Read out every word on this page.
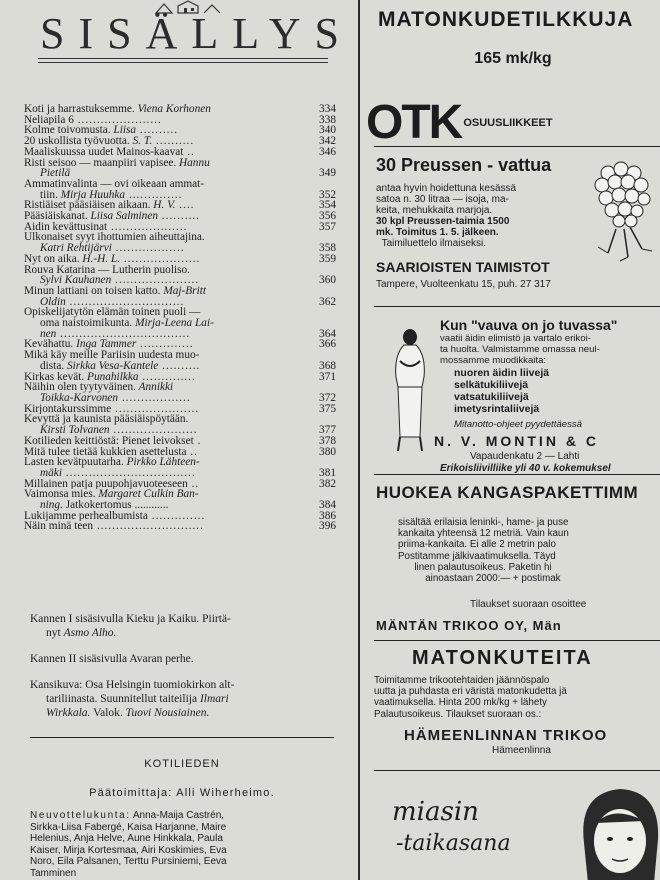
SISÄLLYS
Koti ja harrastuksemme. Viena Korhonen	334
Neliapila 6 ......................	338
Kolme toivomusta. Liisa ..........	340
20 uskollista työvuotta. S. T. ..........	342
Maaliskuussa uudet Mainos-kaavat ..	346
Risti seisoo — maanpiiri vapisee. Hannu
Pietilä	349
Ammatinvalinta — ovi oikeaan ammat-
tiin. Mirja Huuhka ..............	352
Ristiäiset pääsiäisen aikaan. H. V. ....	354
Pääsiäiskanat. Liisa Salminen ..........	356
Äidin kevättusinat ....................	357
Ulkonaiset syyt ihottumien aiheuttajina.
Katri Rehtijärvi ..................	358
Nyt on aika. H.-H. L. ....................	359
Rouva Katarina — Lutherin puoliso.
Sylvi Kauhanen ......................	360
Minun lattiani on toisen katto. Maj-Britt
Oldin ..............................	362
Opiskelijatytön elämän toinen puoli —
oma naistoimikunta. Mirja-Leena Lai-
nen ..................................	364
Kevähattu. Inga Tammer ..............	366
Mikä käy meille Pariisin uudesta muo-
dista. Sirkka Vesa-Kantele ..........	368
Kirkas kevät. Punahilkka ..............	371
Näihin olen tyytyväinen. Annikki
Toikka-Karvonen ..................	372
Kirjontakurssimme ......................	375
Kevyttä ja kaunista pääsiäispöytään.
Kirsti Tolvanen ......................	377
Kotilieden keittiöstä: Pienet leivokset .	378
Mitä tulee tietää kukkien asettelusta ..	380
Lasten kevätpuutarha. Pirkko Lähteen-
mäki ..................................	381
Millainen patja puupohjavuoteeseen ..	382
Vaimonsa mies. Margaret Culkin Ban-
ning. Jatkokertomus ............	384
Lukijamme perhealbumista ..............	386
Näin minä teen ............................	396

Kannen I sisäsivulla Kieku ja Kaiku. Piirtä-
nyt Asmo Alho.

Kannen II sisäsivulla Avaran perhe.

Kansikuva: Osa Helsingin tuomiokirkon alt-
tariliinasta. Suunnitellut taiteilija Ilmari
Wirkkala. Valok. Tuovi Nousiainen.

KOTILIEDEN
Päätoimittaja: Alli Wiherheimo.
Neuvottelukunta: Anna-Maija Castrén,
Sirkka-Liisa Fabergé, Kaisa Harjanne, Maire
Helenius, Anja Helve, Aune Hinkkala, Paula
Kaiser, Mirja Kortesmaa, Airi Koskimies, Eva
Noro, Eila Palsanen, Terttu Pursiniemi, Eeva
Tamminen
MATONKUDETILKKUJA
165 mk/kg
OTK $^{OSUUSLIIKKEET}$
30 Preussen - vattua
antaa hyvin hoidettuna kesässä
satoa n. 30 litraa — isoja, ma-
keita, mehukkaita marjoja.
30 kpl Preussen-taimia 1500
mk. Toimitus 1. 5. jälkeen.
Taimiluettelo ilmaiseksi.
SAARIOISTEN TAIMISTOT
Tampere, Vuolteenkatu 15, puh. 27 317
Kun "vauva on jo tuvassa"
vaatii äidin elimistö ja vartalo erikoi-
ta huolta. Valmistamme omassa neul-
mossamme muodikkaita:
nuoren äidin liivejä
selkätukiliivejä
vatsatukiliivejä
imetysrintaliivejä
Mitanotto-ohjeet pyydettäessä
N. V. MONTIN & C
Vapaudenkatu 2 — Lahti
Erikoisliivilliike yli 40 v. kokemuksel
HUOKEA KANGASPAKETTIMM
sisältää erilaisia leninki-, hame- ja puse
kankaita yhteensä 12 metriä. Vain kaun
priima-kankaita. Ei alle 2 metrin palo
Postitamme jälkivaatimuksella. Täyd
linen palautusoikeus. Paketin hi
ainoastaan 2000:— + postimak
Tilaukset suoraan osoittee
MÄNTÄN TRIKOO OY, Män
MATONKUTEITA
Toimitamme trikootehtaiden jäännöspalo
uutta ja puhdasta eri väristä matonkudetta jä
vaatimuksella. Hinta 200 mk/kg + lähety
Palautusoikeus. Tilaukset suoraan os.:
HÄMEENLINNAN TRIKOO
Hämeenlinna
miasin
-taikasana
